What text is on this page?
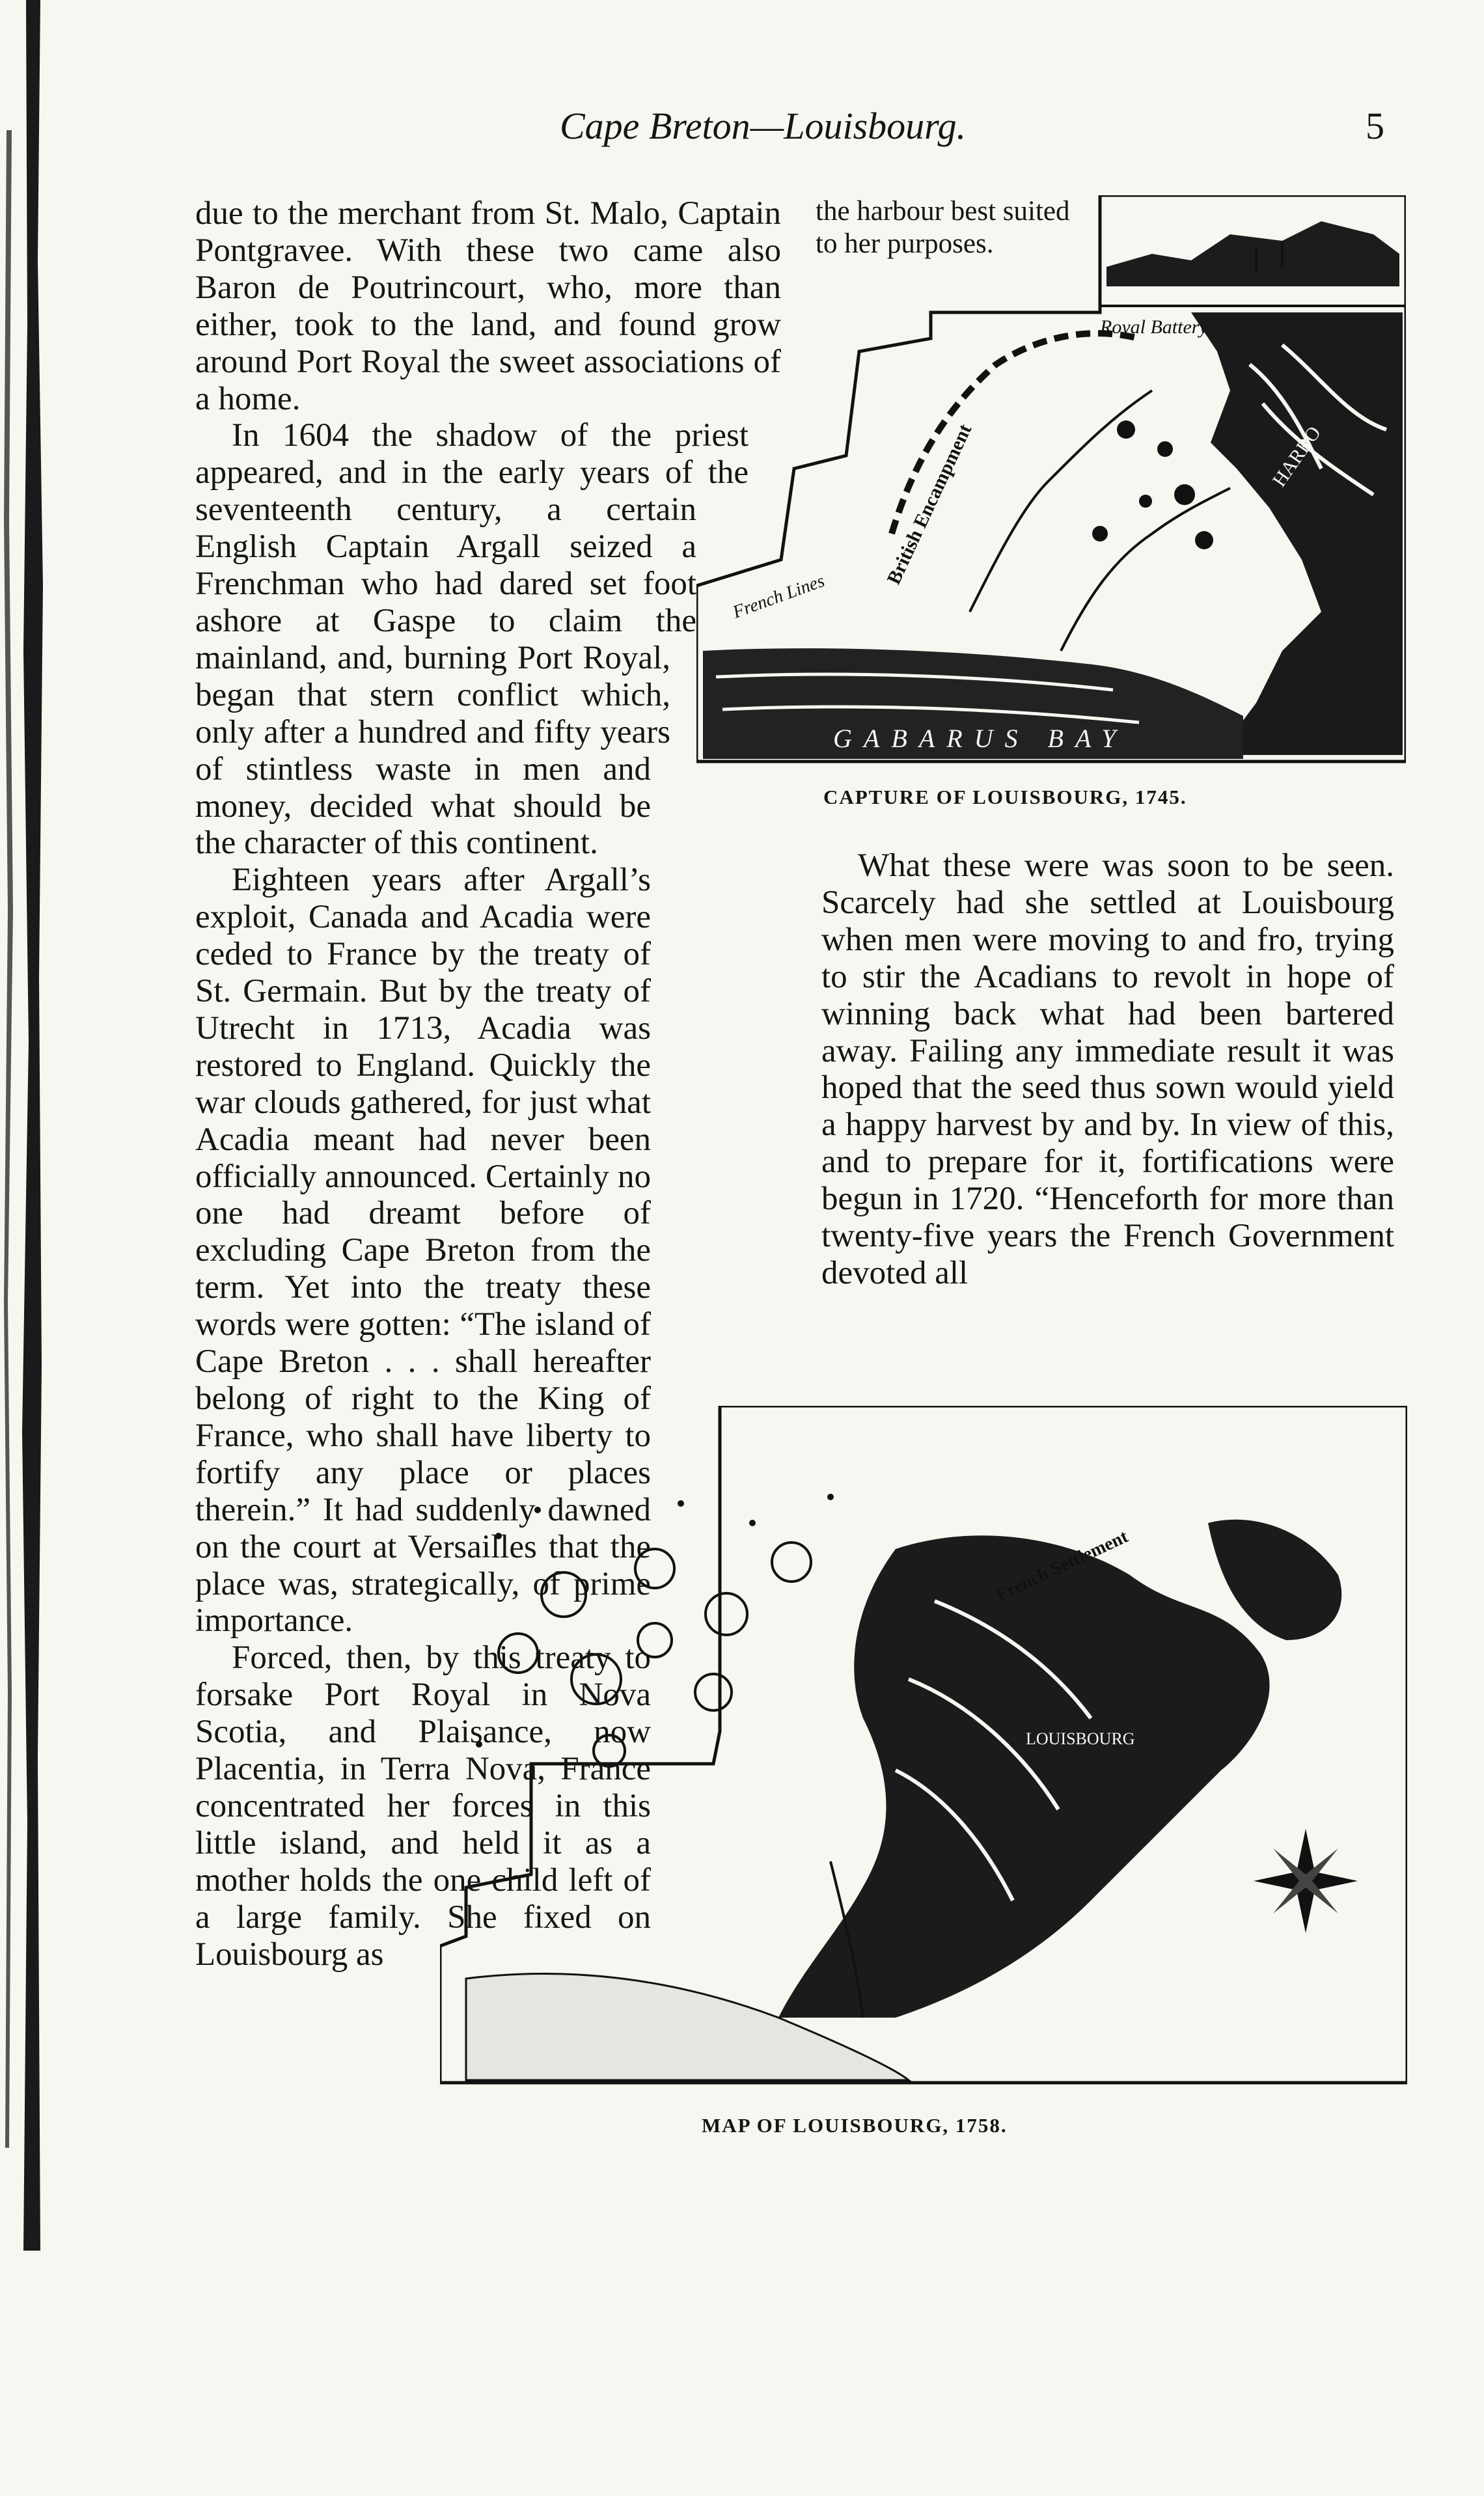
Cape Breton—Louisbourg.	5
Royal Battery
GABARUS BAY
French Lines
British Encampment	HARBO
CAPTURE OF LOUISBOURG, 1745.
French Settlement
LOUISBOURG
MAP OF LOUISBOURG, 1758.
the harbour best suited to her purposes.

due to the merchant from St. Malo, Captain Pontgravee. With these two came also Baron de Poutrincourt, who, more than either, took to the land, and found grow around Port Royal the sweet associations of a home.

In 1604 the shadow of the priest appeared, and in the early years of the seventeenth century, a certain English Captain Argall seized a Frenchman who had dared set foot ashore at Gaspe to claim the mainland, and, burning Port Royal, began that stern conflict which, only after a hundred and fifty years of stintless waste in men and money, decided what should be the character of this continent.

Eighteen years after Argall’s exploit, Canada and Acadia were ceded to France by the treaty of St. Germain. But by the treaty of Utrecht in 1713, Acadia was restored to England. Quickly the war clouds gathered, for just what Acadia meant had never been officially announced. Certainly no one had dreamt before of excluding Cape Breton from the term. Yet into the treaty these words were gotten: “The island of Cape Breton . . . shall hereafter belong of right to the King of France, who shall have liberty to fortify any place or places therein.” It had suddenly dawned on the court at Versailles that the place was, strategically, of prime importance.

Forced, then, by this treaty to forsake Port Royal in Nova Scotia, and Plaisance, now Placentia, in Terra Nova, France concentrated her forces in this little island, and held it as a mother holds the one child left of a large family. She fixed on Louisbourg as

What these were was soon to be seen. Scarcely had she settled at Louisbourg when men were moving to and fro, trying to stir the Acadians to revolt in hope of winning back what had been bartered away. Failing any immediate result it was hoped that the seed thus sown would yield a happy harvest by and by. In view of this, and to prepare for it, fortifications were begun in 1720. “Henceforth for more than twenty-five years the French Government devoted all
